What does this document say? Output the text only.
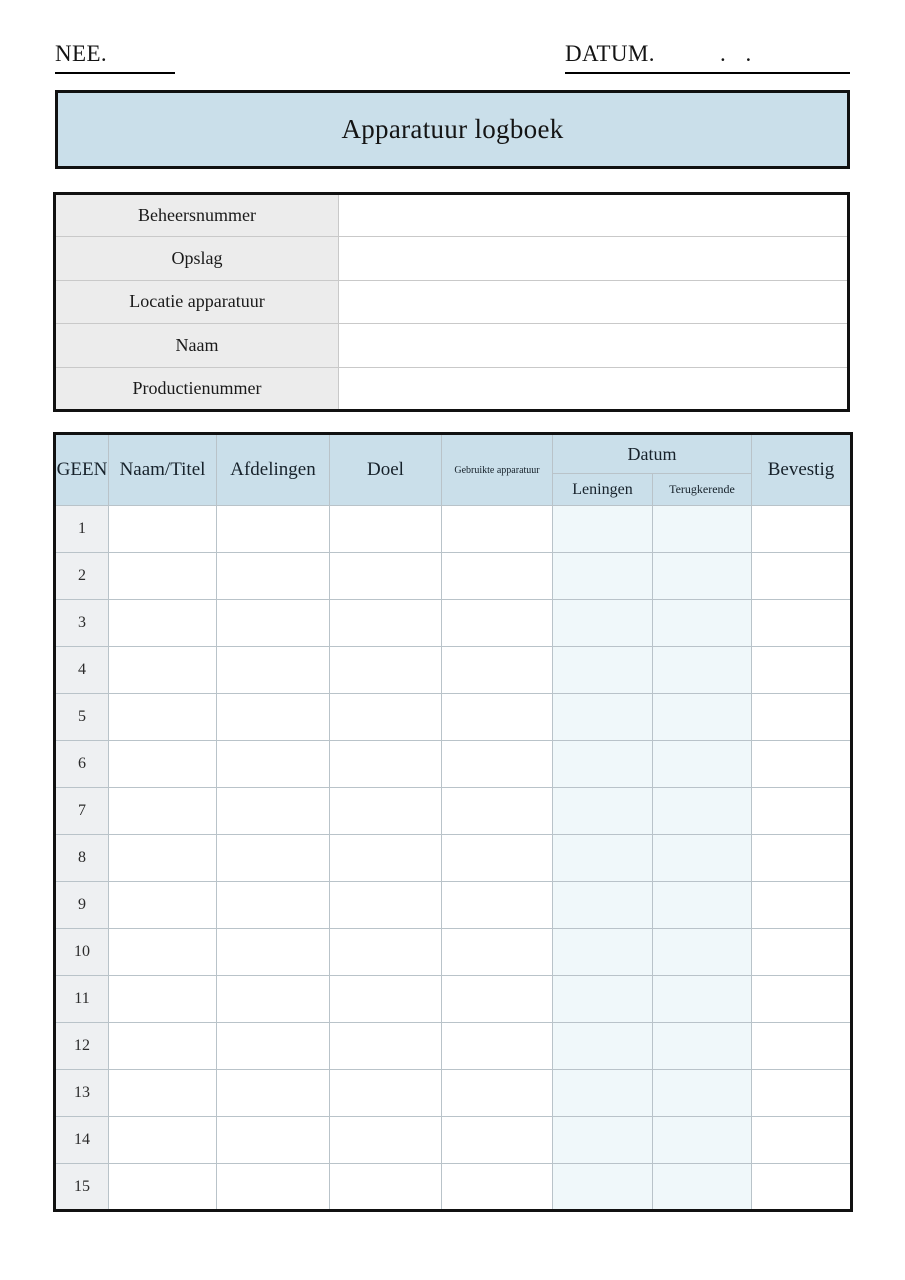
NEE.	DATUM.	. .
Apparatuur logboek
Beheersnummer	
Opslag	
Locatie apparatuur	
Naam	
Productienummer	
GEEN	Naam/Titel	Afdelingen	Doel	Gebruikte apparatuur	Datum		Bevestig
					Leningen	Terugkerende	
1							
2							
3							
4							
5							
6							
7							
8							
9							
10							
11							
12							
13							
14							
15							
